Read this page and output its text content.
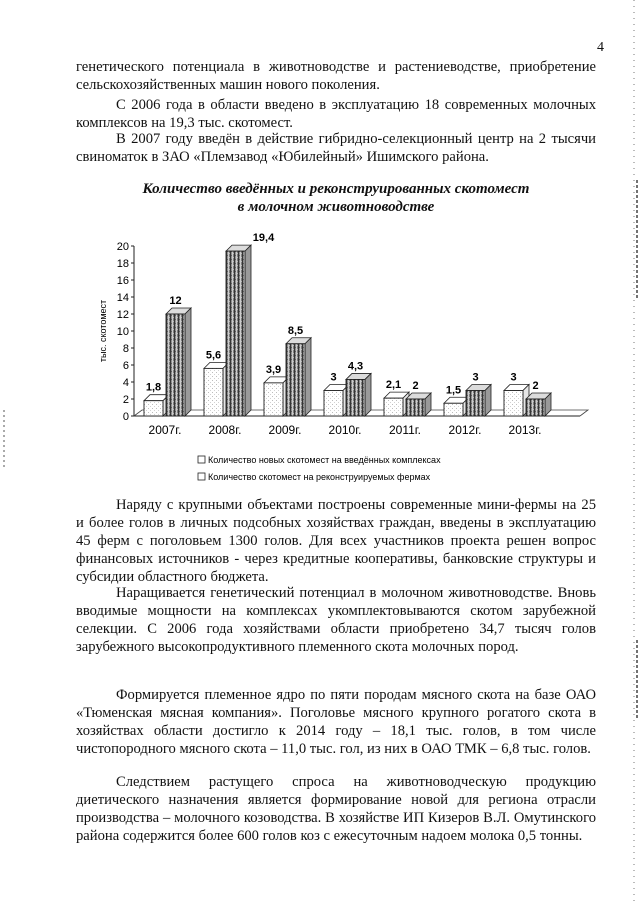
4

генетического потенциала в животноводстве и растениеводстве, приобретение сельскохозяйственных машин нового поколения.

С 2006 года в области введено в эксплуатацию 18 современных молочных комплексов на 19,3 тыс. скотомест.

В 2007 году введён в действие гибридно-селекционный центр на 2 тысячи свиноматок в ЗАО «Племзавод «Юбилейный» Ишимского района.

Количество введённых и реконструированных скотомест
в молочном животноводстве

0
2
4
6
8
10
12
14
16
18
20
1,8
12
5,6
19,4
3,9
8,5
3
4,3
2,1 2 1,5
3	3
2
2007г. 2008г. 2009г. 2010г. 2011г. 2012г. 2013г.
тыс. скотомест
Количество новых скотомест на введённых комплексах
Количество скотомест на реконструируемых фермах

Наряду с крупными объектами построены современные мини-фермы на 25 и более голов в личных подсобных хозяйствах граждан, введены в эксплуатацию 45 ферм с поголовьем 1300 голов. Для всех участников проекта решен вопрос финансовых источников - через кредитные кооперативы, банковские структуры и субсидии областного бюджета.

Наращивается генетический потенциал в молочном животноводстве. Вновь вводимые мощности на комплексах укомплектовываются скотом зарубежной селекции. С 2006 года хозяйствами области приобретено 34,7 тысяч голов зарубежного высокопродуктивного племенного скота молочных пород.

Формируется племенное ядро по пяти породам мясного скота на базе ОАО «Тюменская мясная компания». Поголовье мясного крупного рогатого скота в хозяйствах области достигло к 2014 году – 18,1 тыс. голов, в том числе чистопородного мясного скота – 11,0 тыс. гол, из них в ОАО ТМК – 6,8 тыс. голов.

Следствием растущего спроса на животноводческую продукцию диетического назначения является формирование новой для региона отрасли производства – молочного козоводства. В хозяйстве ИП Кизеров В.Л. Омутинского района содержится более 600 голов коз с ежесуточным надоем молока 0,5 тонны.
